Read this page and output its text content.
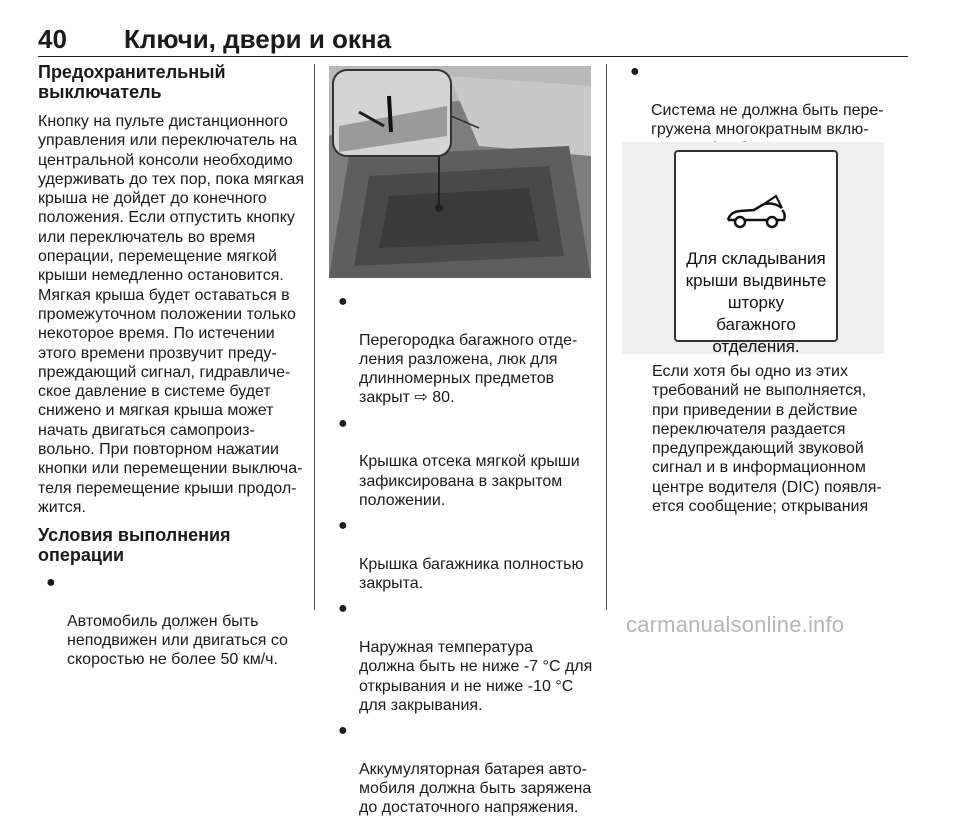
40 Ключи, двери и окна
Предохранительный
выключатель

Кнопку на пульте дистанционного
управления или переключатель на
центральной консоли необходимо
удерживать до тех пор, пока мягкая
крыша не дойдет до конечного
положения. Если отпустить кнопку
или переключатель во время
операции, перемещение мягкой
крыши немедленно остановится.
Мягкая крыша будет оставаться в
промежуточном положении только
некоторое время. По истечении
этого времени прозвучит преду-
преждающий сигнал, гидравличе-
ское давление в системе будет
снижено и мягкая крыша может
начать двигаться самопроиз-
вольно. При повторном нажатии
кнопки или перемещении выключа-
теля перемещение крыши продол-
жится.

Условия выполнения операции

●

Автомобиль должен быть
неподвижен или двигаться со
скоростью не более 50 км/ч.

●

Перегородка багажного отде-
ления разложена, люк для
длинномерных предметов
закрыт ⇨ 80.

●

Крышка отсека мягкой крыши
зафиксирована в закрытом
положении.

●

Крышка багажника полностью
закрыта.

●

Наружная температура
должна быть не ниже -7 °C для
открывания и не ниже -10 °C
для закрывания.

●

Аккумуляторная батарея авто-
мобиля должна быть заряжена
до достаточного напряжения.

●

Система не должна быть пере-
гружена многократным вклю-

Для складывания
крыши выдвиньте
шторку
багажного
отделения.

Если хотя бы одно из этих
требований не выполняется,
при приведении в действие
переключателя раздается
предупреждающий звуковой
сигнал и в информационном
центре водителя (DIC) появля-
ется сообщение; открывания

carmanualsonline.info
